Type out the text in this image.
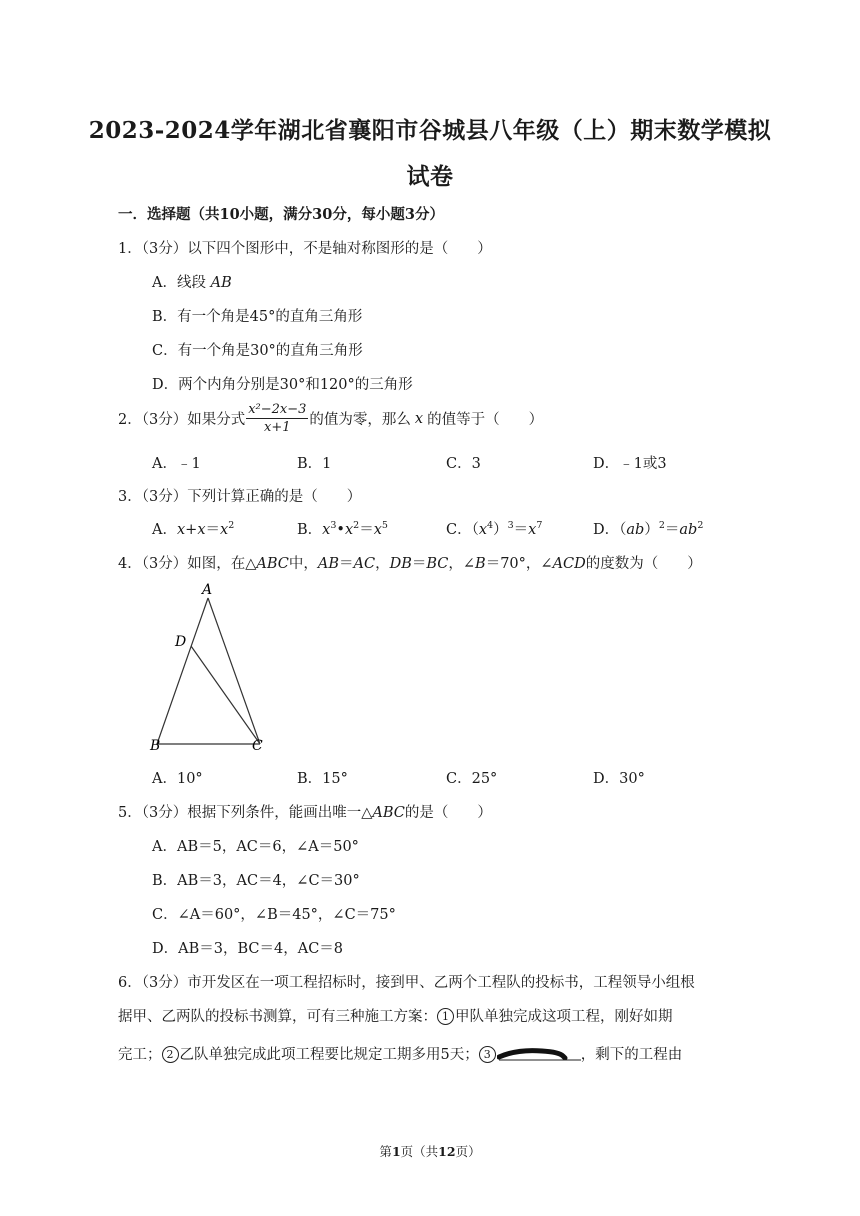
2023-2024学年湖北省襄阳市谷城县八年级（上）期末数学模拟
试卷
一．选择题（共10小题，满分30分，每小题3分）
1．（3分）以下四个图形中，不是轴对称图形的是（　　）
A．线段 AB
B．有一个角是45°的直角三角形
C．有一个角是30°的直角三角形
D．两个内角分别是30°和120°的三角形
2．（3分）如果分式 $\frac{\text{x²−2x−3}}{x+1}$ 的值为零，那么 x 的值等于（　　）
A．﹣1	B．1	C．3	D．﹣1或3
3．（3分）下列计算正确的是（　　）
A．$x+x=x^2$	B．$x^3•x^2=x^5$	C．$(x^4)^3=x^7$	D．$(ab)^2=ab^2$
4．（3分）如图，在△ABC中，AB＝AC，DB＝BC，∠B＝70°，∠ACD的度数为（　　）
A
D
B	C
A．10°	B．15°	C．25°	D．30°
5．（3分）根据下列条件，能画出唯一△ABC的是（　　）
A．AB＝5，AC＝6，∠A＝50°
B．AB＝3，AC＝4，∠C＝30°
C．∠A＝60°，∠B＝45°，∠C＝75°
D．AB＝3，BC＝4，AC＝8
6．（3分）市开发区在一项工程招标时，接到甲、乙两个工程队的投标书，工程领导小组根
据甲、乙两队的投标书测算，可有三种施工方案： 1 甲队单独完成这项工程，刚好如期
完工； 2 乙队单独完成此项工程要比规定工期多用5天； 3	，剩下的工程由
第1页（共12页）
